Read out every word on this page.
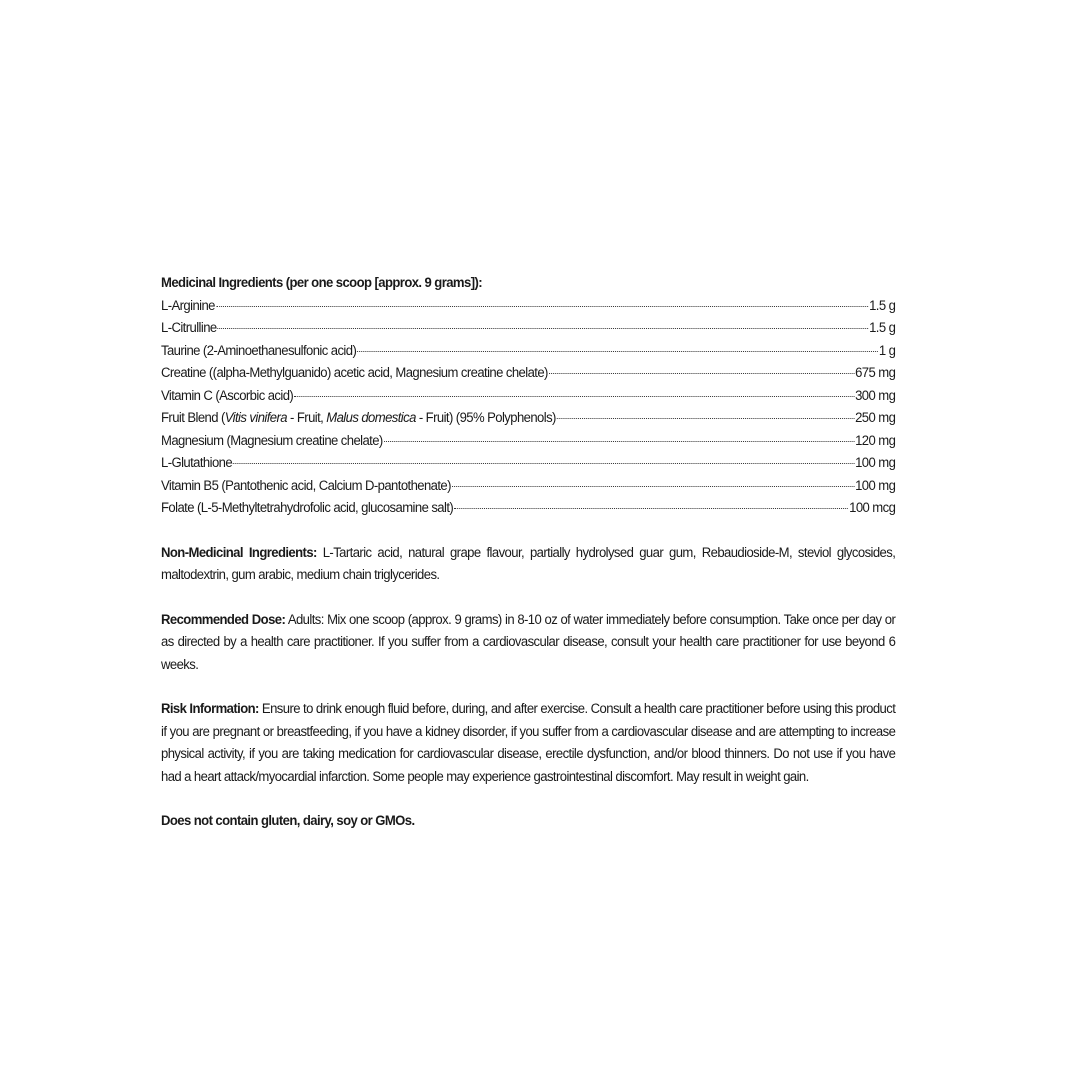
Medicinal Ingredients (per one scoop [approx. 9 grams]):

L-Arginine	1.5 g
L-Citrulline	1.5 g
Taurine (2-Aminoethanesulfonic acid)	1 g
Creatine ((alpha-Methylguanido) acetic acid, Magnesium creatine chelate)	675 mg
Vitamin C (Ascorbic acid)	300 mg
Fruit Blend (Vitis vinifera - Fruit, Malus domestica - Fruit) (95% Polyphenols)	250 mg
Magnesium (Magnesium creatine chelate)	120 mg
L-Glutathione	100 mg
Vitamin B5 (Pantothenic acid, Calcium D-pantothenate)	100 mg
Folate (L-5-Methyltetrahydrofolic acid, glucosamine salt)	100 mcg

Non-Medicinal Ingredients: L-Tartaric acid, natural grape flavour, partially hydrolysed guar gum, Rebaudioside-M, steviol glycosides, maltodextrin, gum arabic, medium chain triglycerides.

Recommended Dose: Adults: Mix one scoop (approx. 9 grams) in 8-10 oz of water immediately before consumption. Take once per day or as directed by a health care practitioner. If you suffer from a cardiovascular disease, consult your health care practitioner for use beyond 6 weeks.

Risk Information: Ensure to drink enough fluid before, during, and after exercise. Consult a health care practitioner before using this product if you are pregnant or breastfeeding, if you have a kidney disorder, if you suffer from a cardiovascular disease and are attempting to increase physical activity, if you are taking medication for cardiovascular disease, erectile dysfunction, and/or blood thinners. Do not use if you have had a heart attack/myocardial infarction. Some people may experience gastrointestinal discomfort. May result in weight gain.

Does not contain gluten, dairy, soy or GMOs.
